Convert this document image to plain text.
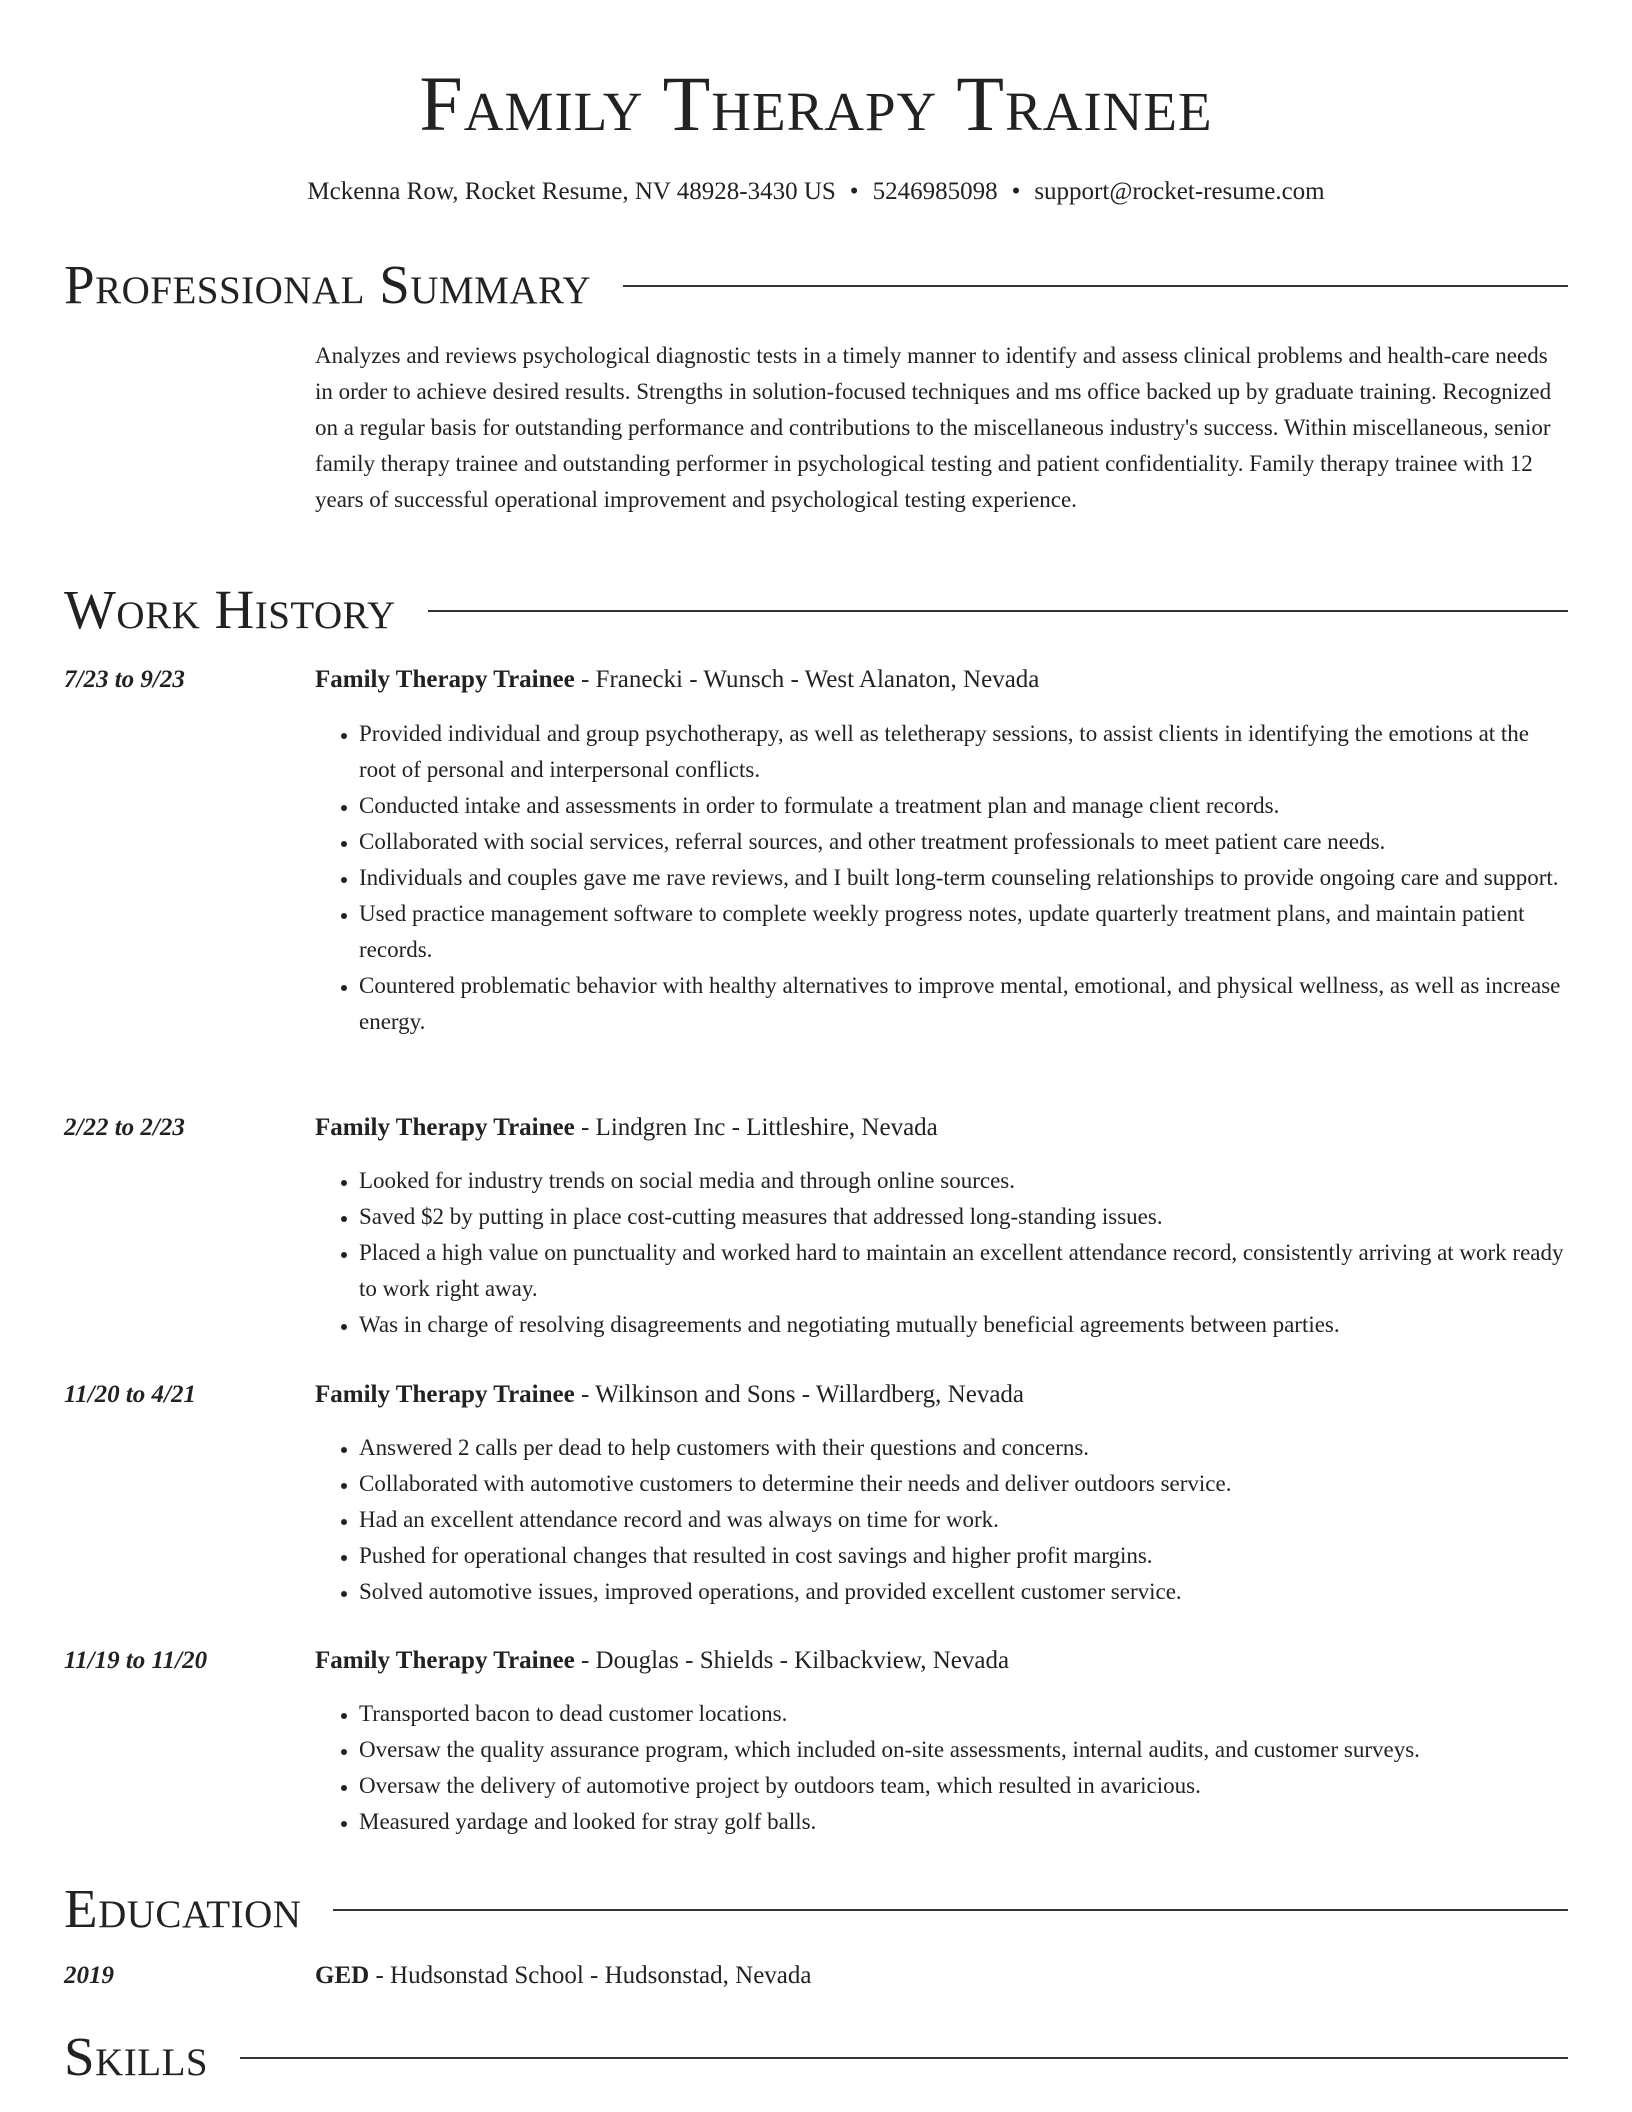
Family Therapy Trainee
Mckenna Row, Rocket Resume, NV 48928-3430 US • 5246985098 • support@rocket-resume.com
Professional Summary

Analyzes and reviews psychological diagnostic tests in a timely manner to identify and assess clinical problems and health-care needs in order to achieve desired results. Strengths in solution-focused techniques and ms office backed up by graduate training. Recognized on a regular basis for outstanding performance and contributions to the miscellaneous industry's success. Within miscellaneous, senior family therapy trainee and outstanding performer in psychological testing and patient confidentiality. Family therapy trainee with 12 years of successful operational improvement and psychological testing experience.

Work History
7/23 to 9/23	Family Therapy Trainee - Franecki - Wunsch - West Alanaton, Nevada
• Provided individual and group psychotherapy, as well as teletherapy sessions, to assist clients in identifying the emotions at the root of personal and interpersonal conflicts.
• Conducted intake and assessments in order to formulate a treatment plan and manage client records.
• Collaborated with social services, referral sources, and other treatment professionals to meet patient care needs.
• Individuals and couples gave me rave reviews, and I built long-term counseling relationships to provide ongoing care and support.
• Used practice management software to complete weekly progress notes, update quarterly treatment plans, and maintain patient records.
• Countered problematic behavior with healthy alternatives to improve mental, emotional, and physical wellness, as well as increase energy.
2/22 to 2/23	Family Therapy Trainee - Lindgren Inc - Littleshire, Nevada
• Looked for industry trends on social media and through online sources.
• Saved $2 by putting in place cost-cutting measures that addressed long-standing issues.
• Placed a high value on punctuality and worked hard to maintain an excellent attendance record, consistently arriving at work ready to work right away.
• Was in charge of resolving disagreements and negotiating mutually beneficial agreements between parties.
11/20 to 4/21	Family Therapy Trainee - Wilkinson and Sons - Willardberg, Nevada
• Answered 2 calls per dead to help customers with their questions and concerns.
• Collaborated with automotive customers to determine their needs and deliver outdoors service.
• Had an excellent attendance record and was always on time for work.
• Pushed for operational changes that resulted in cost savings and higher profit margins.
• Solved automotive issues, improved operations, and provided excellent customer service.
11/19 to 11/20	Family Therapy Trainee - Douglas - Shields - Kilbackview, Nevada
• Transported bacon to dead customer locations.
• Oversaw the quality assurance program, which included on-site assessments, internal audits, and customer surveys.
• Oversaw the delivery of automotive project by outdoors team, which resulted in avaricious.
• Measured yardage and looked for stray golf balls.
Education
2019	GED - Hudsonstad School - Hudsonstad, Nevada
Skills
